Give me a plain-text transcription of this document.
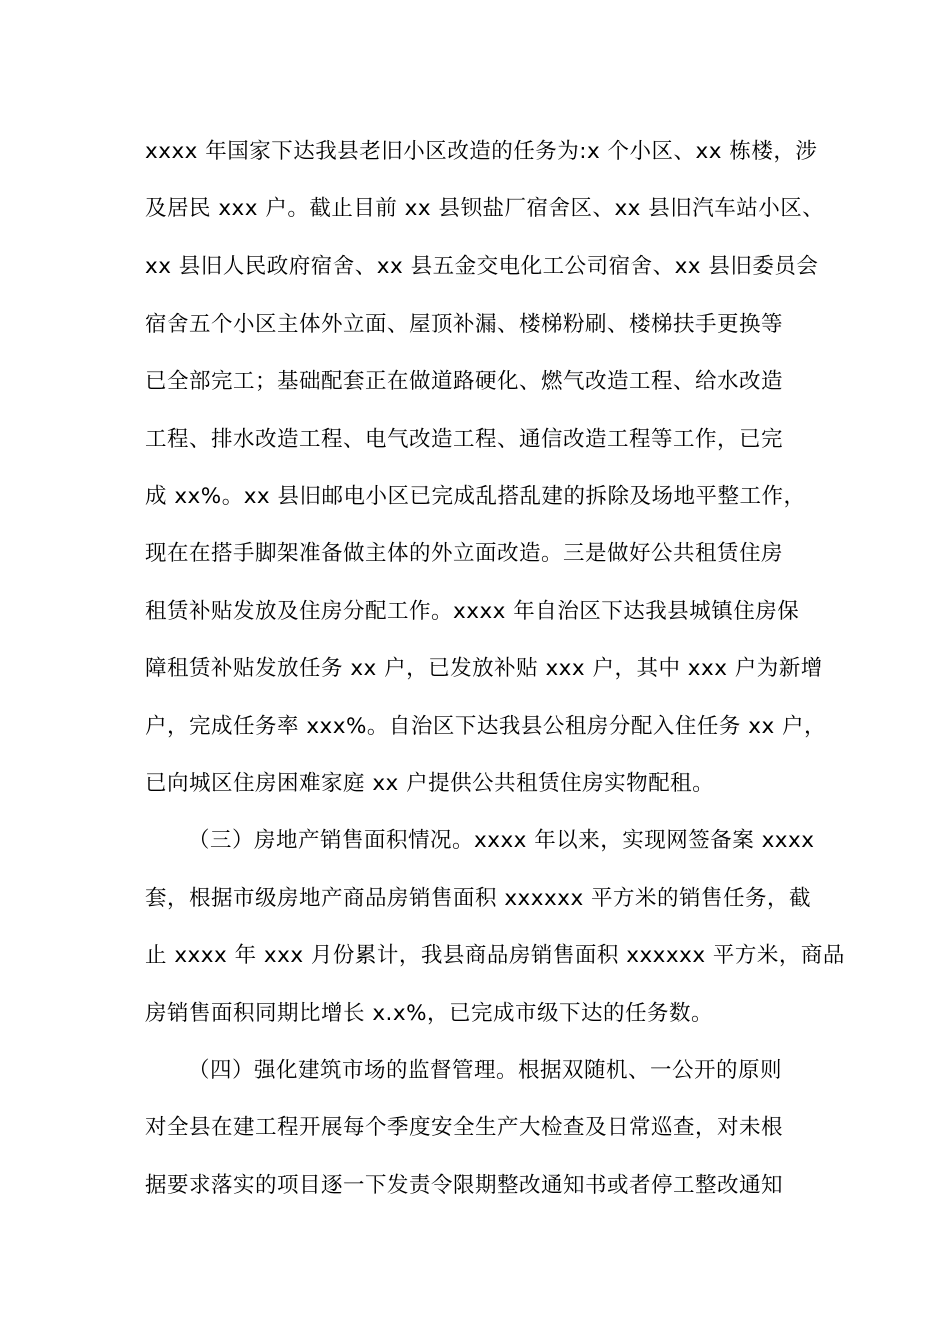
xxxx 年国家下达我县老旧小区改造的任务为:x 个小区、xx 栋楼，涉
及居民 xxx 户。截止目前 xx 县钡盐厂宿舍区、xx 县旧汽车站小区、
xx 县旧人民政府宿舍、xx 县五金交电化工公司宿舍、xx 县旧委员会
宿舍五个小区主体外立面、屋顶补漏、楼梯粉刷、楼梯扶手更换等
已全部完工；基础配套正在做道路硬化、燃气改造工程、给水改造
工程、排水改造工程、电气改造工程、通信改造工程等工作，已完
成 xx%。xx 县旧邮电小区已完成乱搭乱建的拆除及场地平整工作，
现在在搭手脚架准备做主体的外立面改造。三是做好公共租赁住房
租赁补贴发放及住房分配工作。xxxx 年自治区下达我县城镇住房保
障租赁补贴发放任务 xx 户，已发放补贴 xxx 户，其中 xxx 户为新增
户，完成任务率 xxx%。自治区下达我县公租房分配入住任务 xx 户，
已向城区住房困难家庭 xx 户提供公共租赁住房实物配租。
（三）房地产销售面积情况。xxxx 年以来，实现网签备案 xxxx
套，根据市级房地产商品房销售面积 xxxxxx 平方米的销售任务，截
止 xxxx 年 xxx 月份累计，我县商品房销售面积 xxxxxx 平方米，商品
房销售面积同期比增长 x.x%，已完成市级下达的任务数。
（四）强化建筑市场的监督管理。根据双随机、一公开的原则
对全县在建工程开展每个季度安全生产大检查及日常巡查，对未根
据要求落实的项目逐一下发责令限期整改通知书或者停工整改通知
